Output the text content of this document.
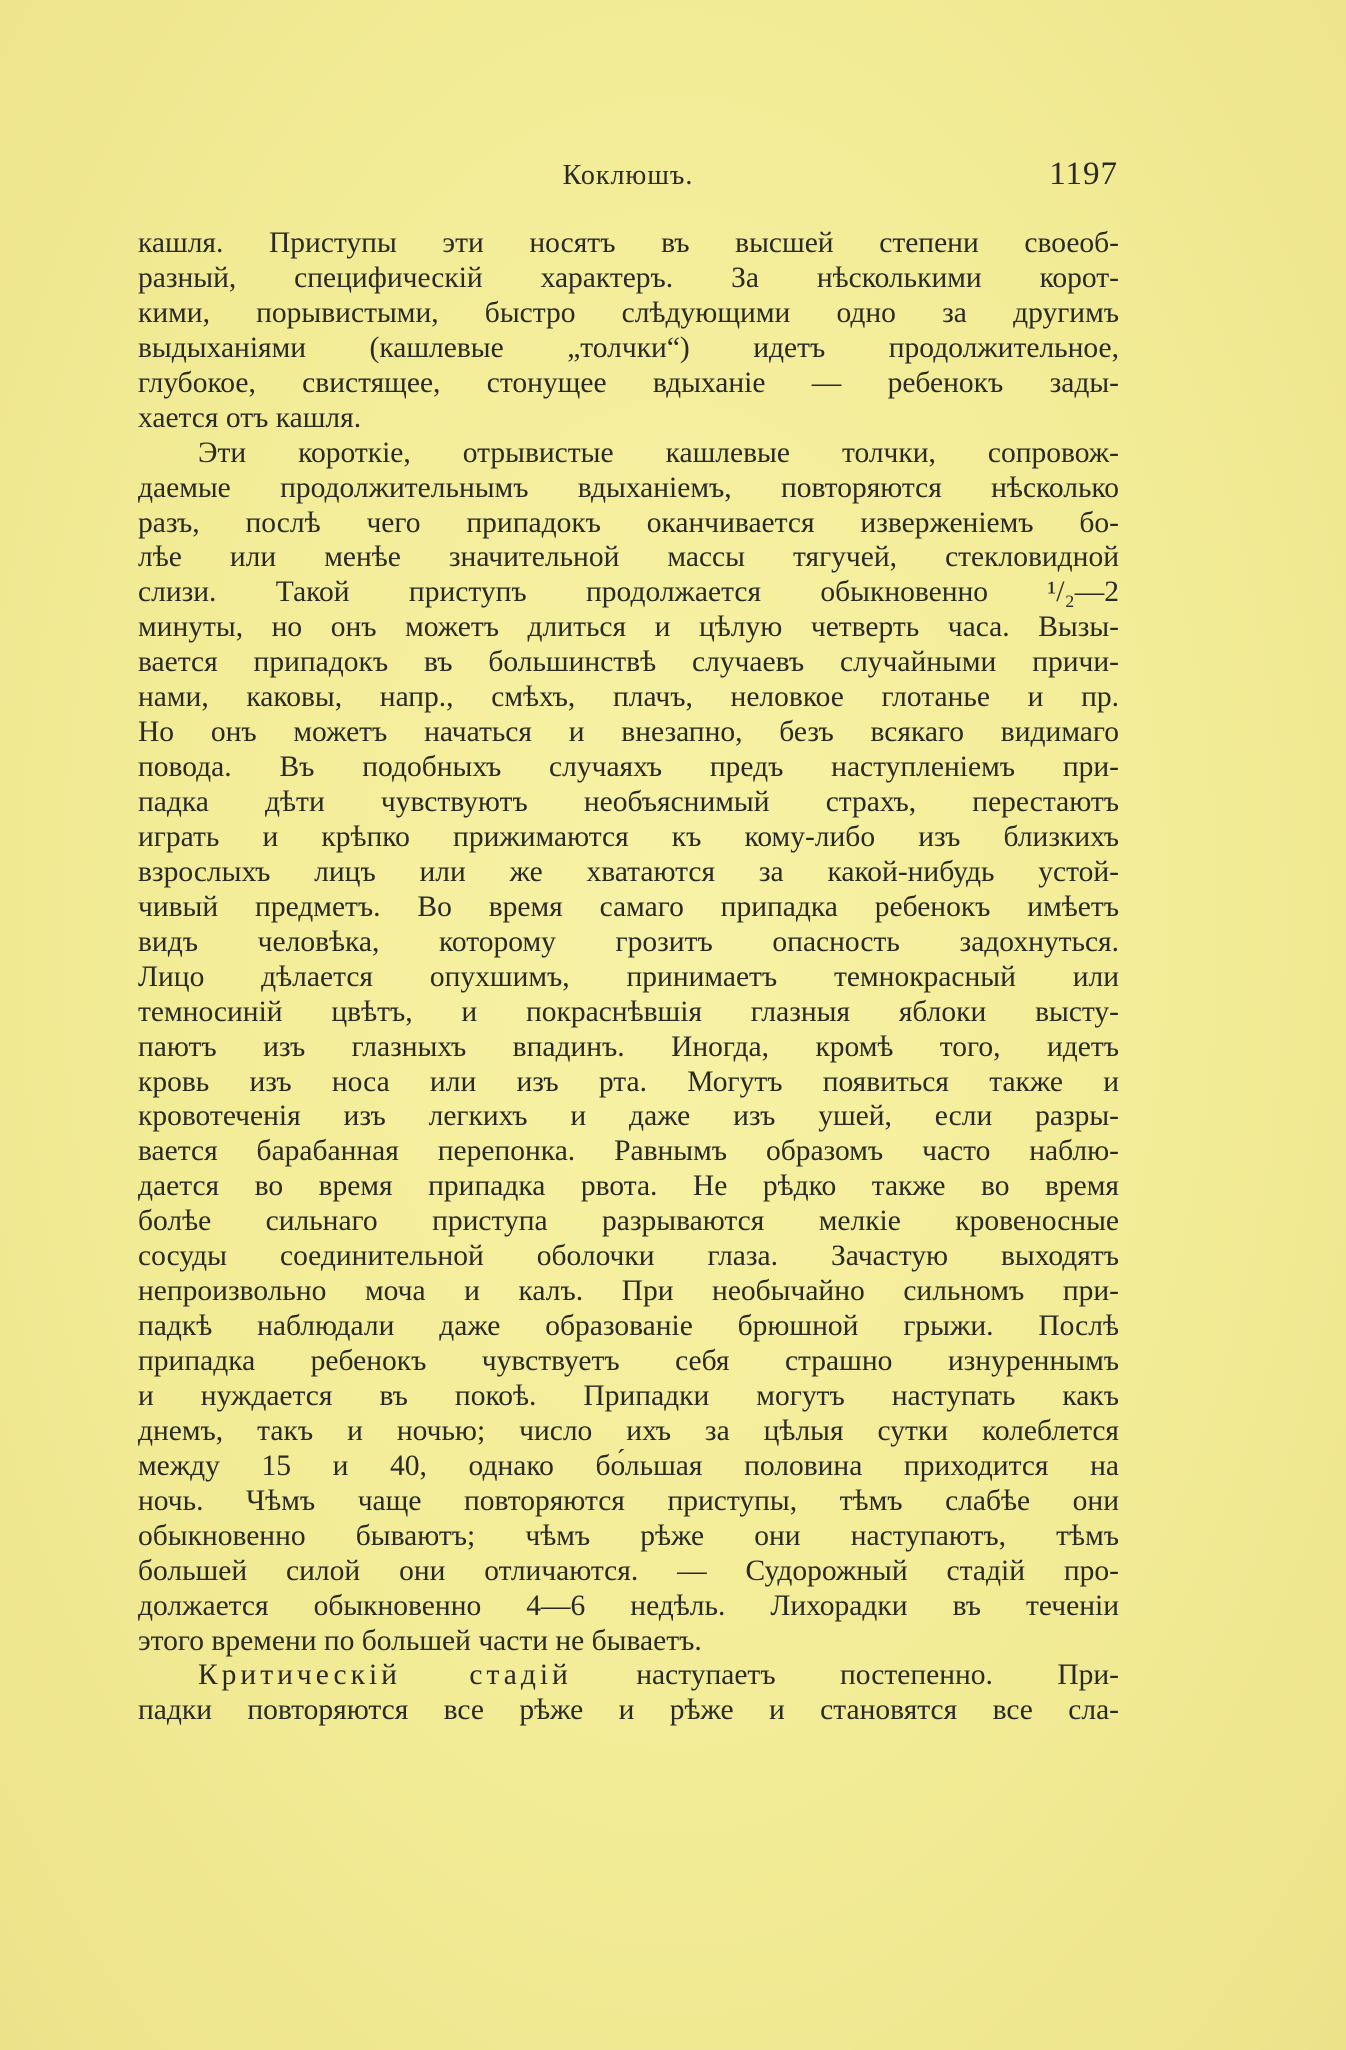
Коклюшъ.	1197
кашля. Приступы эти носятъ въ высшей степени своеоб-
разный, специфическій характеръ. За нѣсколькими корот-
кими, порывистыми, быстро слѣдующими одно за другимъ
выдыханіями (кашлевые „толчки“) идетъ продолжительное,
глубокое, свистящее, стонущее вдыханіе — ребенокъ зады-
хается отъ кашля.
Эти короткіе, отрывистые кашлевые толчки, сопровож-
даемые продолжительнымъ вдыханіемъ, повторяются нѣсколько
разъ, послѣ чего припадокъ оканчивается изверженіемъ бо-
лѣе или менѣе значительной массы тягучей, стекловидной
слизи. Такой приступъ продолжается обыкновенно ¹/₂—2
минуты, но онъ можетъ длиться и цѣлую четверть часа. Вызы-
вается припадокъ въ большинствѣ случаевъ случайными причи-
нами, каковы, напр., смѣхъ, плачъ, неловкое глотанье и пр.
Но онъ можетъ начаться и внезапно, безъ всякаго видимаго
повода. Въ подобныхъ случаяхъ предъ наступленіемъ при-
падка дѣти чувствуютъ необъяснимый страхъ, перестаютъ
играть и крѣпко прижимаются къ кому-либо изъ близкихъ
взрослыхъ лицъ или же хватаются за какой-нибудь устой-
чивый предметъ. Во время самаго припадка ребенокъ имѣетъ
видъ человѣка, которому грозитъ опасность задохнуться.
Лицо дѣлается опухшимъ, принимаетъ темнокрасный или
темносиній цвѣтъ, и покраснѣвшія глазныя яблоки высту-
паютъ изъ глазныхъ впадинъ. Иногда, кромѣ того, идетъ
кровь изъ носа или изъ рта. Могутъ появиться также и
кровотеченія изъ легкихъ и даже изъ ушей, если разры-
вается барабанная перепонка. Равнымъ образомъ часто наблю-
дается во время припадка рвота. Не рѣдко также во время
болѣе сильнаго приступа разрываются мелкіе кровеносные
сосуды соединительной оболочки глаза. Зачастую выходятъ
непроизвольно моча и калъ. При необычайно сильномъ при-
падкѣ наблюдали даже образованіе брюшной грыжи. Послѣ
припадка ребенокъ чувствуетъ себя страшно изнуреннымъ
и нуждается въ покоѣ. Припадки могутъ наступать какъ
днемъ, такъ и ночью; число ихъ за цѣлыя сутки колеблется
между 15 и 40, однако бо́льшая половина приходится на
ночь. Чѣмъ чаще повторяются приступы, тѣмъ слабѣе они
обыкновенно бываютъ; чѣмъ рѣже они наступаютъ, тѣмъ
большей силой они отличаются. — Судорожный стадій про-
должается обыкновенно 4—6 недѣль. Лихорадки въ теченіи
этого времени по большей части не бываетъ.
Критическій стадій наступаетъ постепенно. При-
падки повторяются все рѣже и рѣже и становятся все сла-
